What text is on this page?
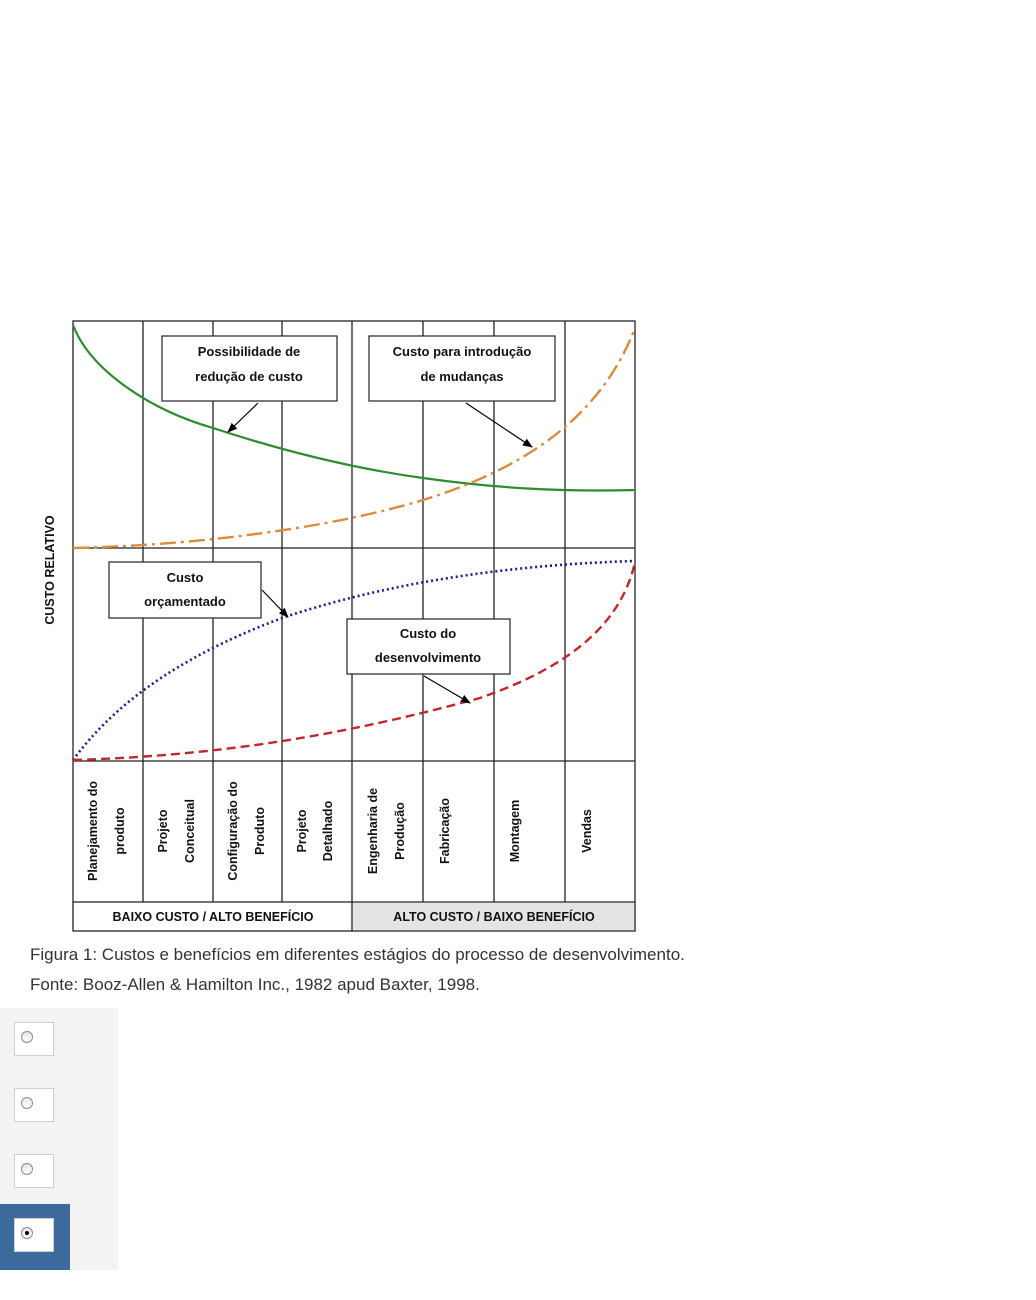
BAIXO CUSTO / ALTO BENEFÍCIO	ALTO CUSTO / BAIXO BENEFÍCIO
CUSTO RELATIVO
Possibilidade de
redução de custo
Custo para introdução
de mudanças
Custo
orçamentado
Custo do
desenvolvimento
Planejamento do produto Projeto Conceitual Configuração do Produto Projeto Detalhado Engenharia de Produção Fabricação	Montagem	Vendas
Figura 1: Custos e benefícios em diferentes estágios do processo de desenvolvimento.
Fonte: Booz-Allen & Hamilton Inc., 1982 apud Baxter, 1998.
